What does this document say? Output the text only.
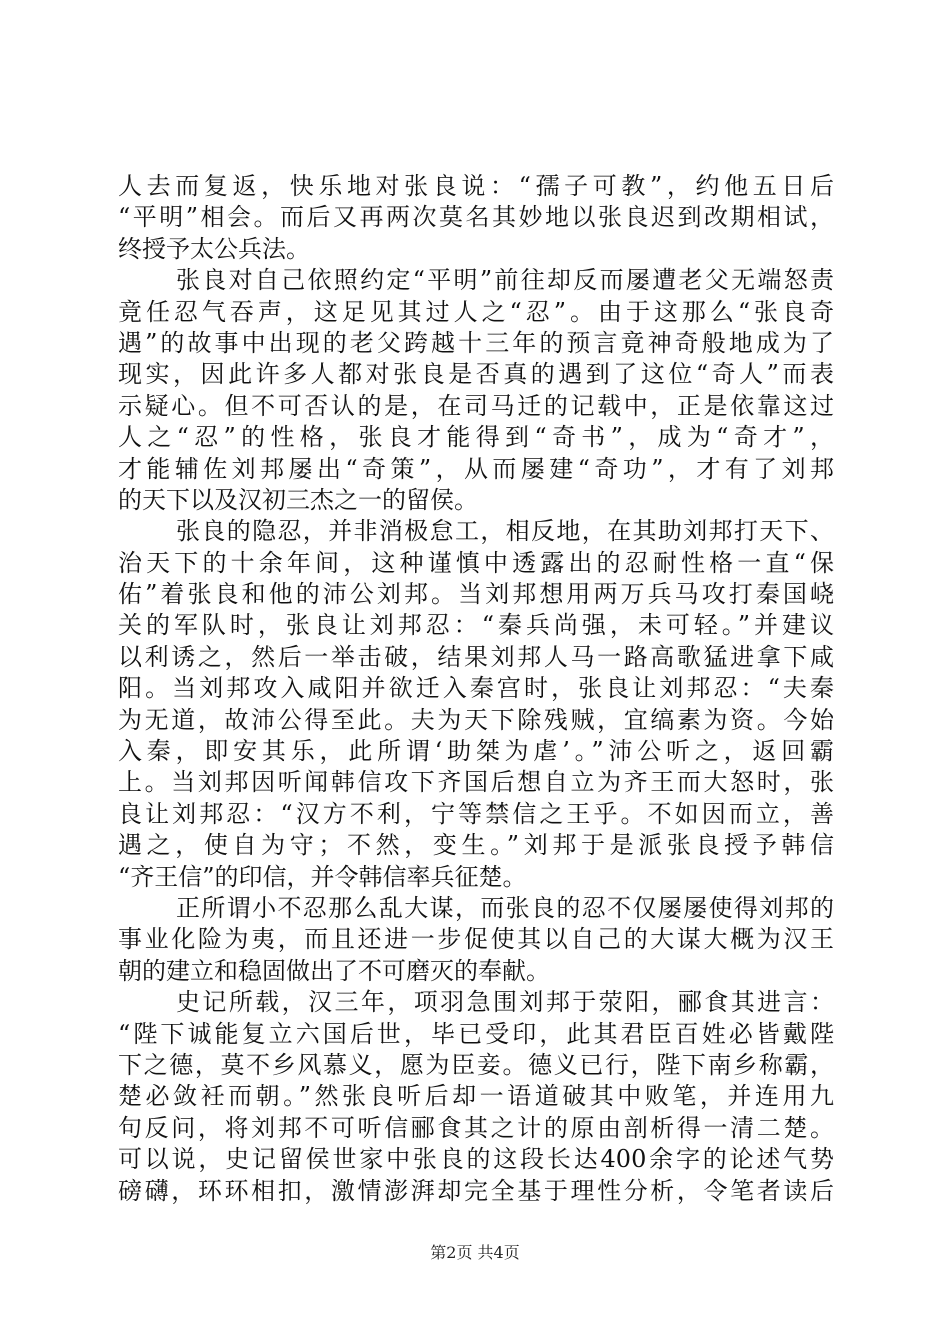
人去而复返，快乐地对张良说：“孺子可教”，约他五日后
“平明”相会。而后又再两次莫名其妙地以张良迟到改期相试，
终授予太公兵法。
张良对自己依照约定“平明”前往却反而屡遭老父无端怒责
竟任忍气吞声，这足见其过人之“忍”。由于这那么“张良奇
遇”的故事中出现的老父跨越十三年的预言竟神奇般地成为了
现实，因此许多人都对张良是否真的遇到了这位“奇人”而表
示疑心。但不可否认的是，在司马迁的记载中，正是依靠这过
人之“忍”的性格，张良才能得到“奇书”，成为“奇才”，
才能辅佐刘邦屡出“奇策”，从而屡建“奇功”，才有了刘邦
的天下以及汉初三杰之一的留侯。
张良的隐忍，并非消极怠工，相反地，在其助刘邦打天下、
治天下的十余年间，这种谨慎中透露出的忍耐性格一直“保
佑”着张良和他的沛公刘邦。当刘邦想用两万兵马攻打秦国峣
关的军队时，张良让刘邦忍：“秦兵尚强，未可轻。”并建议
以利诱之，然后一举击破，结果刘邦人马一路高歌猛进拿下咸
阳。当刘邦攻入咸阳并欲迁入秦宫时，张良让刘邦忍：“夫秦
为无道，故沛公得至此。夫为天下除残贼，宜缟素为资。今始
入秦，即安其乐，此所谓‘助桀为虐’。”沛公听之，返回霸
上。当刘邦因听闻韩信攻下齐国后想自立为齐王而大怒时，张
良让刘邦忍：“汉方不利，宁等禁信之王乎。不如因而立，善
遇之，使自为守；不然，变生。”刘邦于是派张良授予韩信
“齐王信”的印信，并令韩信率兵征楚。
正所谓小不忍那么乱大谋，而张良的忍不仅屡屡使得刘邦的
事业化险为夷，而且还进一步促使其以自己的大谋大概为汉王
朝的建立和稳固做出了不可磨灭的奉献。
史记所载，汉三年，项羽急围刘邦于荥阳，郦食其进言：
“陛下诚能复立六国后世，毕已受印，此其君臣百姓必皆戴陛
下之德，莫不乡风慕义，愿为臣妾。德义已行，陛下南乡称霸，
楚必敛衽而朝。”然张良听后却一语道破其中败笔，并连用九
句反问，将刘邦不可听信郦食其之计的原由剖析得一清二楚。
可以说，史记留侯世家中张良的这段长达400余字的论述气势
磅礴，环环相扣，激情澎湃却完全基于理性分析，令笔者读后
第2页 共4页
